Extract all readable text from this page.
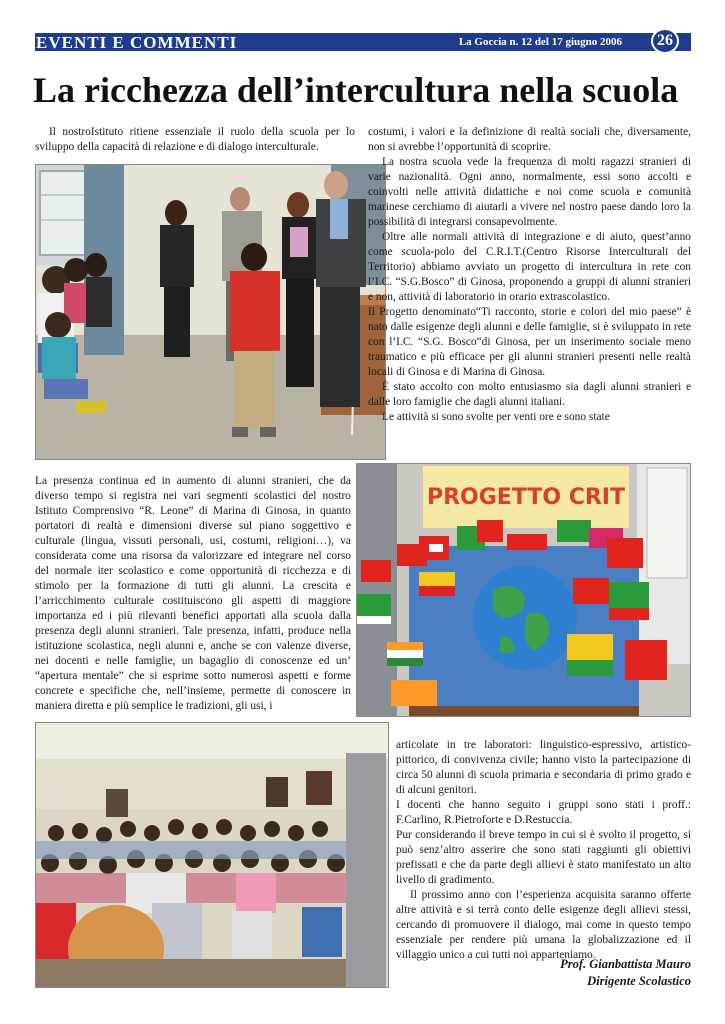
EVENTI E COMMENTI	La Goccia n. 12 del 17 giugno 2006	26
La ricchezza dell’intercultura nella scuola

Il nostroIstituto ritiene essenziale il ruolo della scuola per lo sviluppo della capacità di relazione e di dialogo interculturale.

costumi, i valori e la definizione di realtà sociali che, diversamente, non si avrebbe l’opportunità di scoprire.

La nostra scuola vede la frequenza di molti ragazzi stranieri di varie nazionalità. Ogni anno, normalmente, essi sono accolti e coinvolti nelle attività didattiche e noi come scuola e comunità marinese cerchiamo di aiutarli a vivere nel nostro paese dando loro la possibilità di integrarsi consapevolmente.

Oltre alle normali attività di integrazione e di aiuto, quest’anno come scuola-polo del C.R.I.T.(Centro Risorse Interculturali del Territorio) abbiamo avviato un progetto di intercultura in rete con l’I.C. “S.G.Bosco” di Ginosa, proponendo a gruppi di alunni stranieri e non, attività di laboratorio in orario extrascolastico.

Il Progetto denominato“Ti racconto, storie e colori del mio paese” è nato dalle esigenze degli alunni e delle famiglie, si è sviluppato in rete con l’I.C. “S.G. Bosco“di Ginosa, per un inserimento sociale meno traumatico e più efficace per gli alunni stranieri presenti nelle realtà locali di Ginosa e di Marina di Ginosa.

È stato accolto con molto entusiasmo sia dagli alunni stranieri e dalle loro famiglie che dagli alunni italiani.

Le attività si sono svolte per venti ore e sono state

La presenza continua ed in aumento di alunni stranieri, che da diverso tempo si registra nei vari segmenti scolastici del nostro Istituto Comprensivo “R. Leone” di Marina di Ginosa, in quanto portatori di realtà e dimensioni diverse sul piano soggettivo e culturale (lingua, vissuti personali, usi, costumi, religioni…), va considerata come una risorsa da valorizzare ed integrare nel corso del normale iter scolastico e come opportunità di ricchezza e di stimolo per la formazione di tutti gli alunni. La crescita e l’arricchimento culturale costituiscono gli aspetti di maggiore importanza ed i più rilevanti benefici apportati alla scuola dalla presenza degli alunni stranieri. Tale presenza, infatti, produce nella istituzione scolastica, negli alunni e, anche se con valenze diverse, nei docenti e nelle famiglie, un bagaglio di conoscenze ed un’ “apertura mentale” che si esprime sotto numerosi aspetti e forme concrete e specifiche che, nell’insieme, permette di conoscere in maniera diretta e più semplice le tradizioni, gli usi, i

PROGETTO CRIT

articolate in tre laboratori: linguistico-espressivo, artistico-pittorico, di convivenza civile; hanno visto la partecipazione di circa 50 alunni di scuola primaria e secondaria di primo grado e di alcuni genitori.

I docenti che hanno seguito i gruppi sono stati i proff.: F.Carlino, R.Pietroforte e D.Restuccia.

Pur considerando il breve tempo in cui si è svolto il progetto, si può senz’altro asserire che sono stati raggiunti gli obiettivi prefissati e che da parte degli allievi è stato manifestato un alto livello di gradimento.

Il prossimo anno con l’esperienza acquisita saranno offerte altre attività e si terrà conto delle esigenze degli allievi stessi, cercando di promuovere il dialogo, mai come in questo tempo essenziale per rendere più umana la globalizzazione ed il villaggio unico a cui tutti noi apparteniamo.

Prof. Gianbattista Mauro
Dirigente Scolastico
